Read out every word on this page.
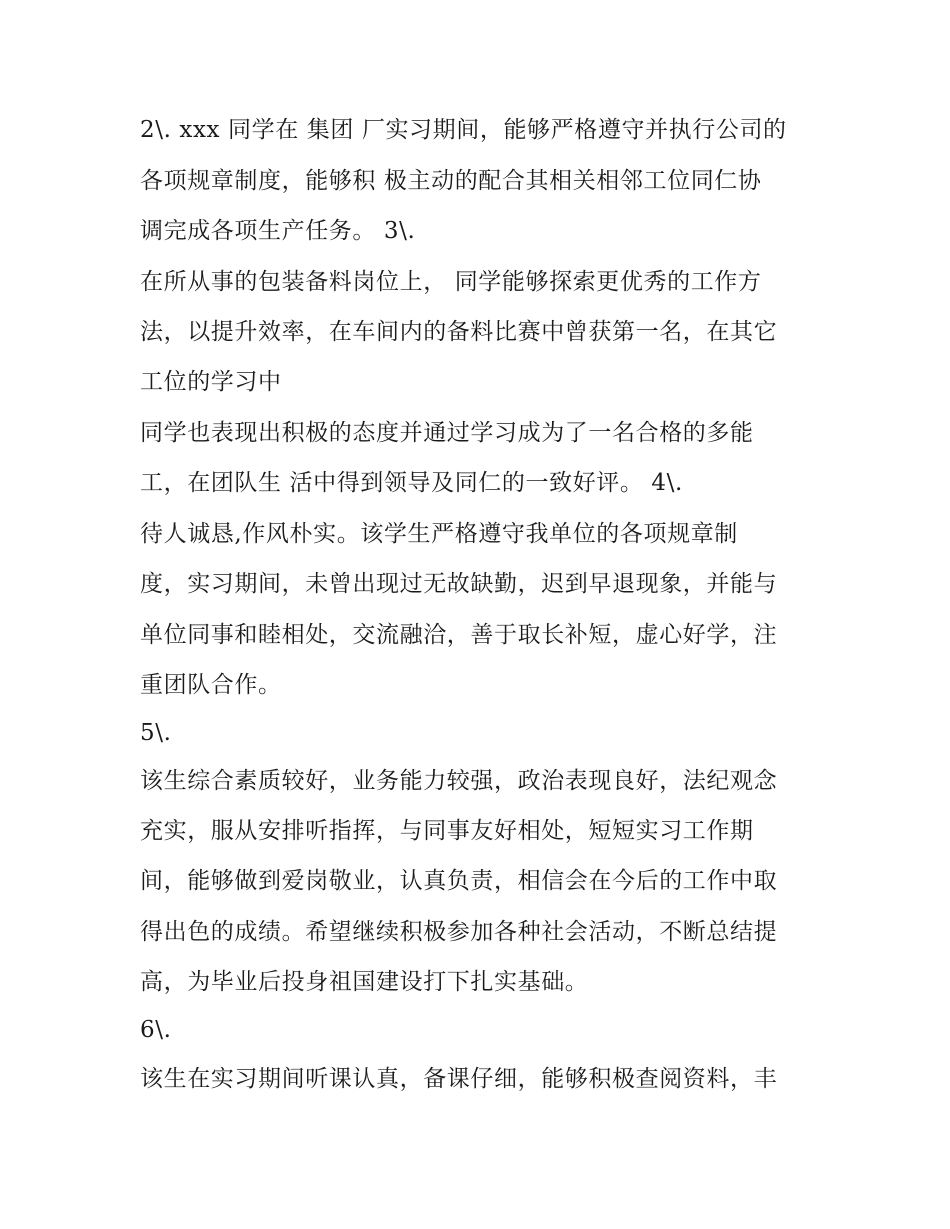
2\. xxx 同学在 集团 厂实习期间，能够严格遵守并执行公司的
各项规章制度，能够积 极主动的配合其相关相邻工位同仁协
调完成各项生产任务。 3\.
在所从事的包装备料岗位上， 同学能够探索更优秀的工作方
法，以提升效率，在车间内的备料比赛中曾获第一名，在其它
工位的学习中
同学也表现出积极的态度并通过学习成为了一名合格的多能
工，在团队生 活中得到领导及同仁的一致好评。 4\.
待人诚恳,作风朴实。该学生严格遵守我单位的各项规章制
度，实习期间，未曾出现过无故缺勤，迟到早退现象，并能与
单位同事和睦相处，交流融洽，善于取长补短，虚心好学，注
重团队合作。
5\.
该生综合素质较好，业务能力较强，政治表现良好，法纪观念
充实，服从安排听指挥，与同事友好相处，短短实习工作期
间，能够做到爱岗敬业，认真负责，相信会在今后的工作中取
得出色的成绩。希望继续积极参加各种社会活动，不断总结提
高，为毕业后投身祖国建设打下扎实基础。
6\.
该生在实习期间听课认真，备课仔细，能够积极查阅资料，丰
